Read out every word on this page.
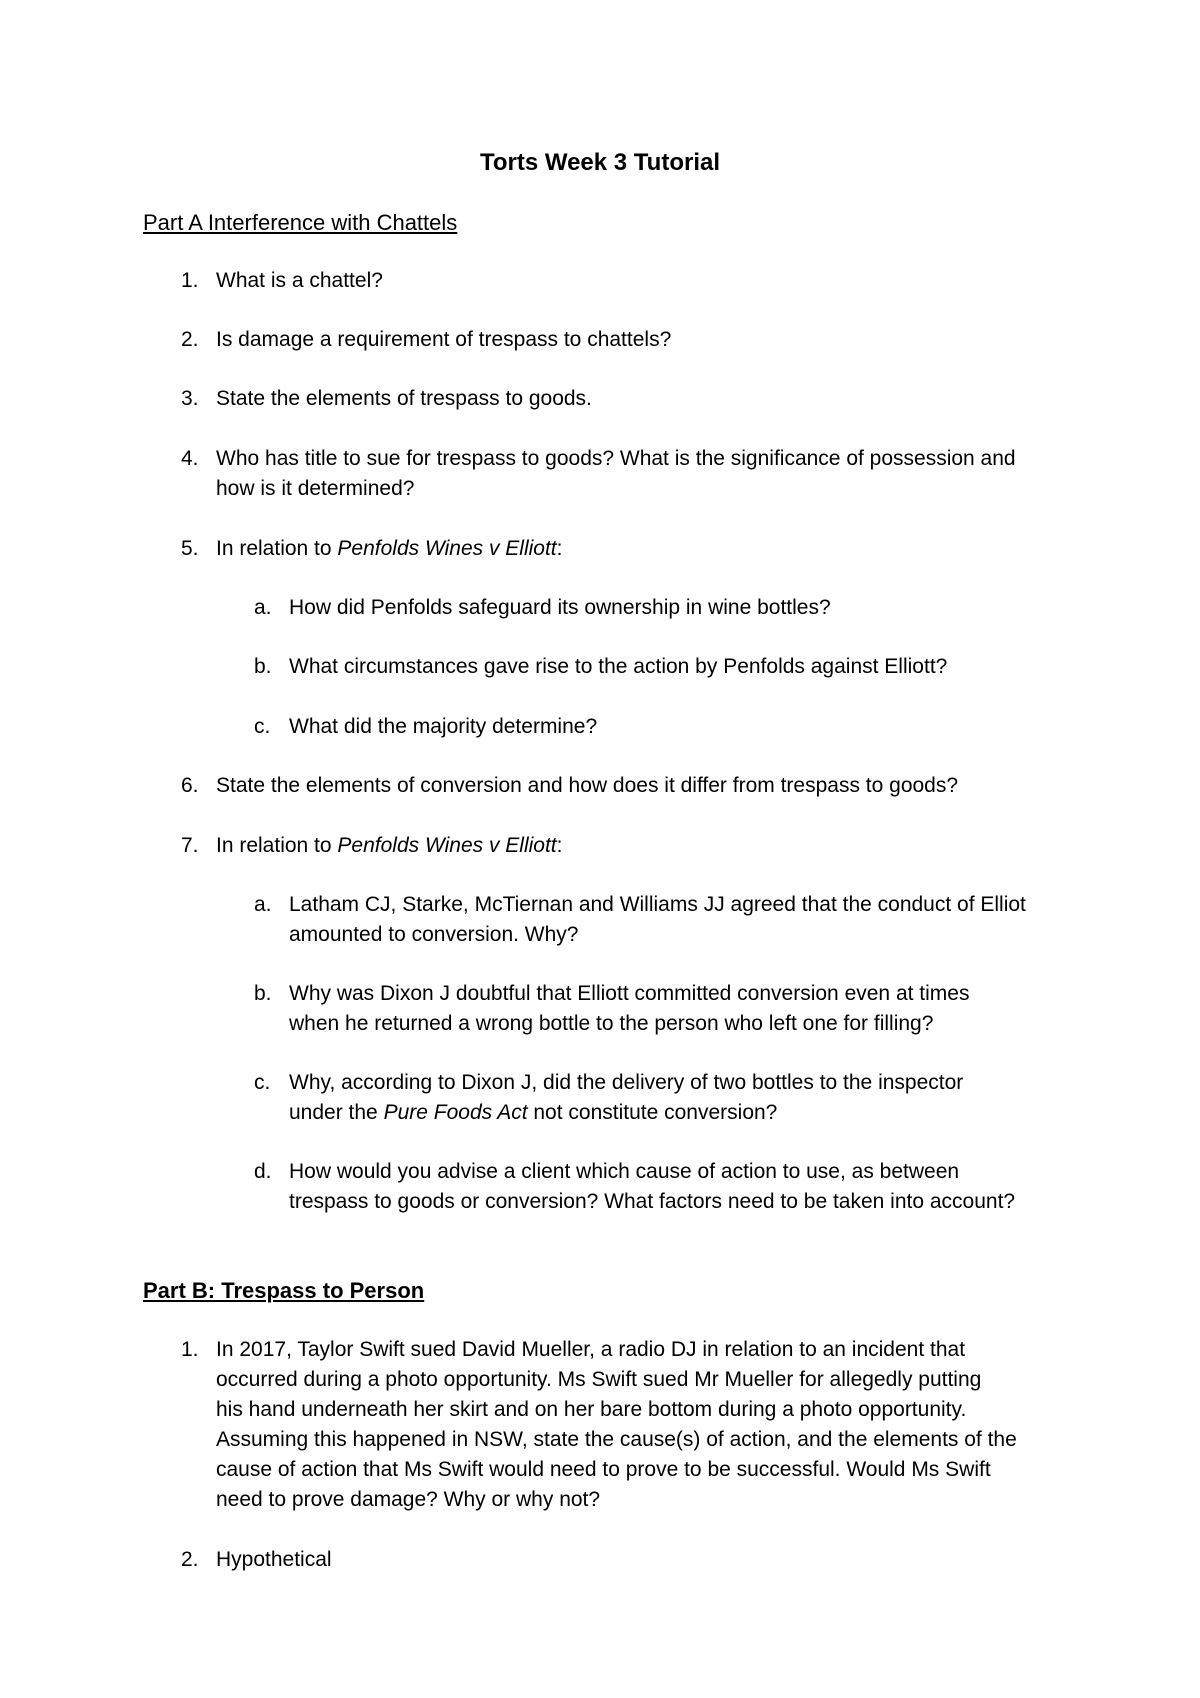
Torts Week 3 Tutorial
Part A Interference with Chattels
1. What is a chattel?
2. Is damage a requirement of trespass to chattels?
3. State the elements of trespass to goods.
4. Who has title to sue for trespass to goods? What is the significance of possession and
how is it determined?
5. In relation to Penfolds Wines v Elliott:
a. How did Penfolds safeguard its ownership in wine bottles?
b. What circumstances gave rise to the action by Penfolds against Elliott?
c. What did the majority determine?
6. State the elements of conversion and how does it differ from trespass to goods?
7. In relation to Penfolds Wines v Elliott:
a. Latham CJ, Starke, McTiernan and Williams JJ agreed that the conduct of Elliot
amounted to conversion. Why?
b. Why was Dixon J doubtful that Elliott committed conversion even at times
when he returned a wrong bottle to the person who left one for filling?
c. Why, according to Dixon J, did the delivery of two bottles to the inspector
under the Pure Foods Act not constitute conversion?
d. How would you advise a client which cause of action to use, as between
trespass to goods or conversion? What factors need to be taken into account?
Part B: Trespass to Person
1. In 2017, Taylor Swift sued David Mueller, a radio DJ in relation to an incident that
occurred during a photo opportunity. Ms Swift sued Mr Mueller for allegedly putting
his hand underneath her skirt and on her bare bottom during a photo opportunity.
Assuming this happened in NSW, state the cause(s) of action, and the elements of the
cause of action that Ms Swift would need to prove to be successful. Would Ms Swift
need to prove damage? Why or why not?
2. Hypothetical
